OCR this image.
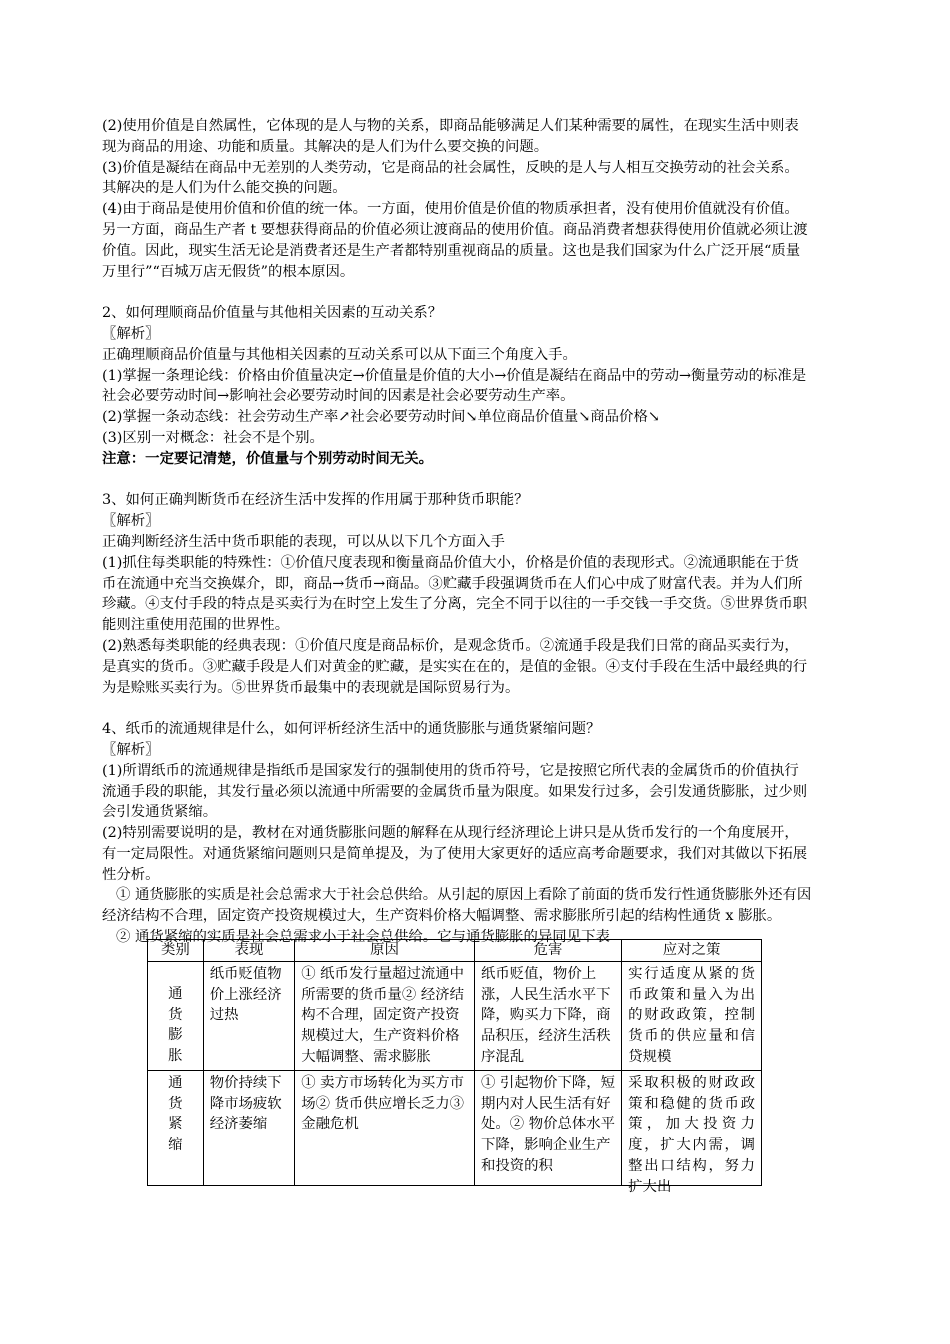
(2)使用价值是自然属性，它体现的是人与物的关系，即商品能够满足人们某种需要的属性，在现实生活中则表现为商品的用途、功能和质量。其解决的是人们为什么要交换的问题。

(3)价值是凝结在商品中无差别的人类劳动，它是商品的社会属性，反映的是人与人相互交换劳动的社会关系。其解决的是人们为什么能交换的问题。

(4)由于商品是使用价值和价值的统一体。一方面，使用价值是价值的物质承担者，没有使用价值就没有价值。另一方面，商品生产者 t 要想获得商品的价值必须让渡商品的使用价值。商品消费者想获得使用价值就必须让渡价值。因此，现实生活无论是消费者还是生产者都特别重视商品的质量。这也是我们国家为什么广泛开展“质量万里行”“百城万店无假货”的根本原因。

2、如何理顺商品价值量与其他相关因素的互动关系？

〖解析〗

正确理顺商品价值量与其他相关因素的互动关系可以从下面三个角度入手。

(1)掌握一条理论线：价格由价值量决定→价值量是价值的大小→价值是凝结在商品中的劳动→衡量劳动的标准是社会必要劳动时间→影响社会必要劳动时间的因素是社会必要劳动生产率。

(2)掌握一条动态线：社会劳动生产率↗社会必要劳动时间↘单位商品价值量↘商品价格↘

(3)区别一对概念：社会不是个别。

注意：一定要记清楚，价值量与个别劳动时间无关。

3、如何正确判断货币在经济生活中发挥的作用属于那种货币职能？

〖解析〗

正确判断经济生活中货币职能的表现，可以从以下几个方面入手

(1)抓住每类职能的特殊性：①价值尺度表现和衡量商品价值大小，价格是价值的表现形式。②流通职能在于货币在流通中充当交换媒介，即，商品→货币→商品。③贮藏手段强调货币在人们心中成了财富代表。并为人们所珍藏。④支付手段的特点是买卖行为在时空上发生了分离，完全不同于以往的一手交钱一手交货。⑤世界货币职能则注重使用范围的世界性。

(2)熟悉每类职能的经典表现：①价值尺度是商品标价，是观念货币。②流通手段是我们日常的商品买卖行为，是真实的货币。③贮藏手段是人们对黄金的贮藏，是实实在在的，是值的金银。④支付手段在生活中最经典的行为是赊账买卖行为。⑤世界货币最集中的表现就是国际贸易行为。

4、纸币的流通规律是什么，如何评析经济生活中的通货膨胀与通货紧缩问题？

〖解析〗

(1)所谓纸币的流通规律是指纸币是国家发行的强制使用的货币符号，它是按照它所代表的金属货币的价值执行流通手段的职能，其发行量必须以流通中所需要的金属货币量为限度。如果发行过多，会引发通货膨胀，过少则会引发通货紧缩。

(2)特别需要说明的是，教材在对通货膨胀问题的解释在从现行经济理论上讲只是从货币发行的一个角度展开，有一定局限性。对通货紧缩问题则只是简单提及，为了使用大家更好的适应高考命题要求，我们对其做以下拓展性分析。

① 通货膨胀的实质是社会总需求大于社会总供给。从引起的原因上看除了前面的货币发行性通货膨胀外还有因经济结构不合理，固定资产投资规模过大，生产资料价格大幅调整、需求膨胀所引起的结构性通货 x 膨胀。

② 通货紧缩的实质是社会总需求小于社会总供给。它与通货膨胀的异同见下表

类别	表现	原因	危害	应对之策

通
货
膨
胀	纸币贬值物价上涨经济过热	① 纸币发行量超过流通中所需要的货币量② 经济结构不合理，固定资产投资规模过大，生产资料价格大幅调整、需求膨胀	纸币贬值，物价上涨，人民生活水平下降，购买力下降，商品积压，经济生活秩序混乱	实行适度从紧的货币政策和量入为出的财政政策，控制货币的供应量和信贷规模

通
货
紧
缩	物价持续下降市场疲软经济萎缩	① 卖方市场转化为买方市场② 货币供应增长乏力③ 金融危机	① 引起物价下降，短期内对人民生活有好处。② 物价总体水平下降，影响企业生产和投资的积	采取积极的财政政策和稳健的货币政策，加大投资力度，扩大内需，调整出口结构，努力扩大出
